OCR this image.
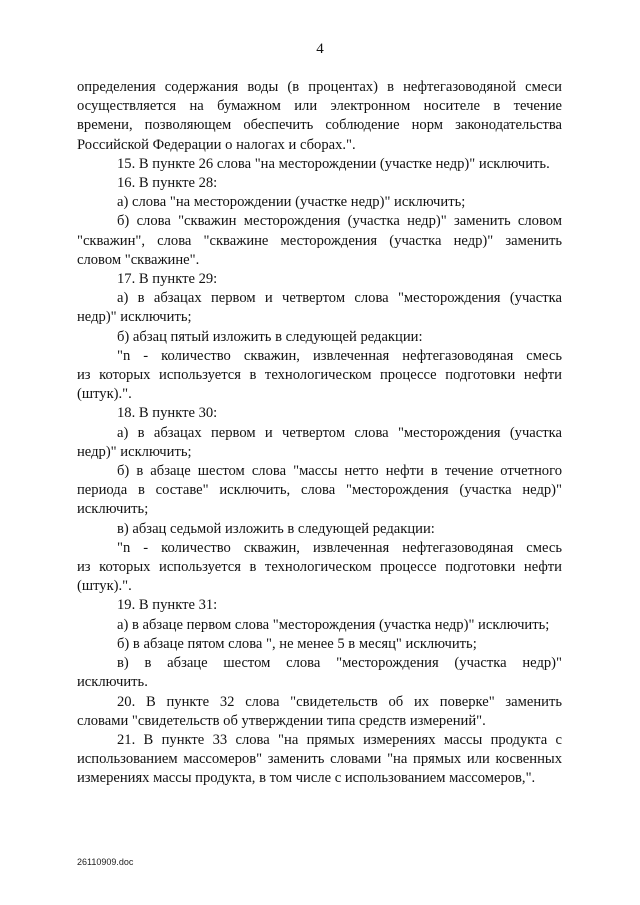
4
определения содержания воды (в процентах) в нефтегазоводяной смеси
осуществляется на бумажном или электронном носителе в течение
времени, позволяющем обеспечить соблюдение норм законодательства
Российской Федерации о налогах и сборах.".
15. В пункте 26 слова "на месторождении (участке недр)" исключить.
16. В пункте 28:
а) слова "на месторождении (участке недр)" исключить;
б) слова "скважин месторождения (участка недр)" заменить словом
"скважин", слова "скважине месторождения (участка недр)" заменить
словом "скважине".
17. В пункте 29:
а) в абзацах первом и четвертом слова "месторождения (участка
недр)" исключить;
б) абзац пятый изложить в следующей редакции:
"n - количество скважин, извлеченная нефтегазоводяная смесь
из которых используется в технологическом процессе подготовки нефти
(штук).".
18. В пункте 30:
а) в абзацах первом и четвертом слова "месторождения (участка
недр)" исключить;
б) в абзаце шестом слова "массы нетто нефти в течение отчетного
периода в составе" исключить, слова "месторождения (участка недр)"
исключить;
в) абзац седьмой изложить в следующей редакции:
"n - количество скважин, извлеченная нефтегазоводяная смесь
из которых используется в технологическом процессе подготовки нефти
(штук).".
19. В пункте 31:
а) в абзаце первом слова "месторождения (участка недр)" исключить;
б) в абзаце пятом слова ", не менее 5 в месяц" исключить;
в) в абзаце шестом слова "месторождения (участка недр)"
исключить.
20. В пункте 32 слова "свидетельств об их поверке" заменить
словами "свидетельств об утверждении типа средств измерений".
21. В пункте 33 слова "на прямых измерениях массы продукта с
использованием массомеров" заменить словами "на прямых или косвенных
измерениях массы продукта, в том числе с использованием массомеров,".
26110909.doc
